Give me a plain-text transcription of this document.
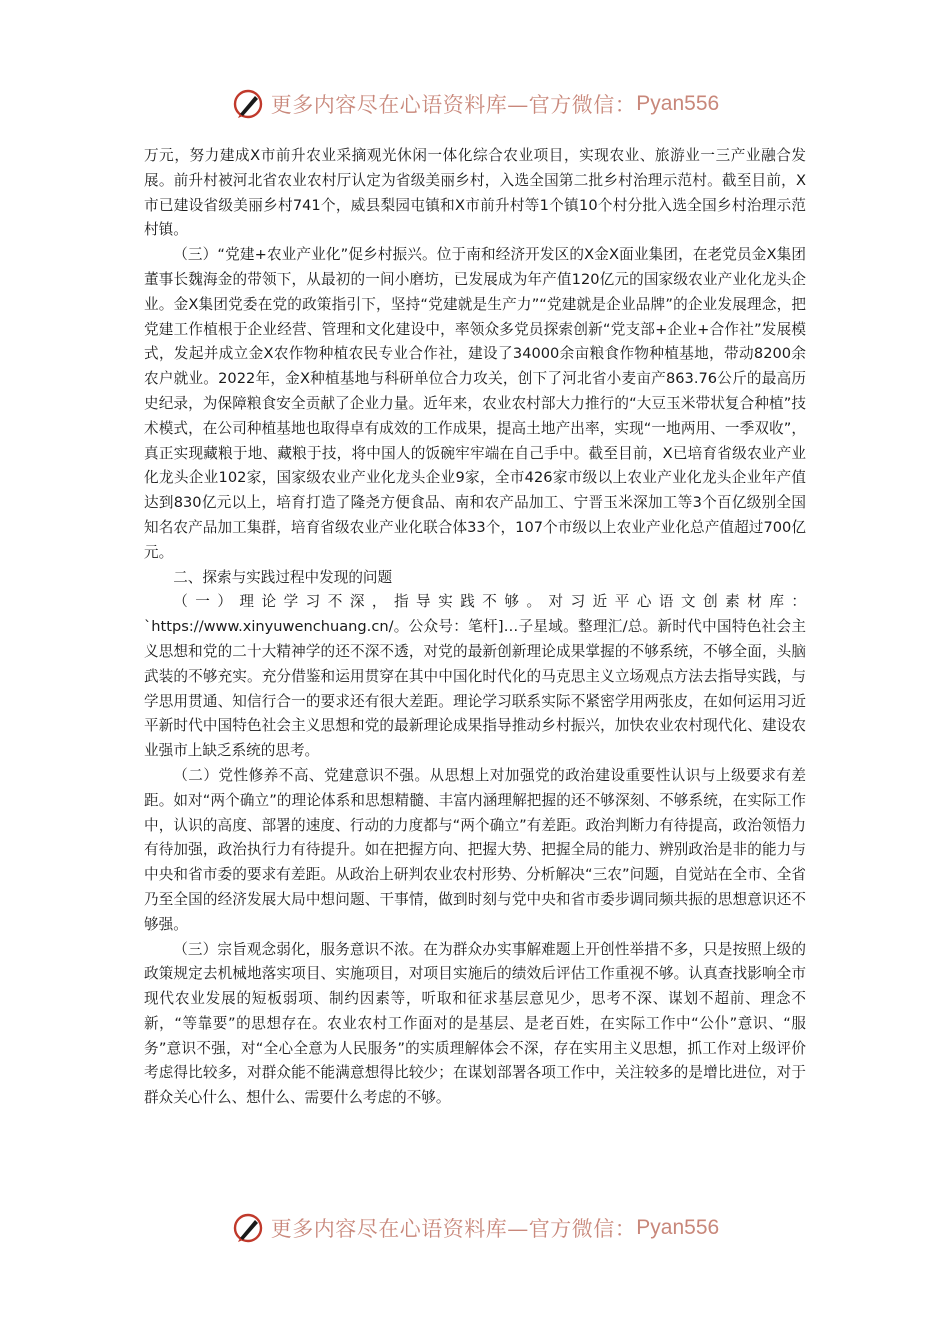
更多内容尽在心语资料库—官方微信： Pyan556

万元，努力建成X市前升农业采摘观光休闲一体化综合农业项目，实现农业、旅游业一三产业融合发展。前升村被河北省农业农村厅认定为省级美丽乡村，入选全国第二批乡村治理示范村。截至目前，X市已建设省级美丽乡村741个，威县梨园屯镇和X市前升村等1个镇10个村分批入选全国乡村治理示范村镇。

（三）“党建+农业产业化”促乡村振兴。位于南和经济开发区的X金X面业集团，在老党员金X集团董事长魏海金的带领下，从最初的一间小磨坊，已发展成为年产值120亿元的国家级农业产业化龙头企业。金X集团党委在党的政策指引下，坚持“党建就是生产力”“党建就是企业品牌”的企业发展理念，把党建工作植根于企业经营、管理和文化建设中，率领众多党员探索创新“党支部+企业+合作社”发展模式，发起并成立金X农作物种植农民专业合作社，建设了34000余亩粮食作物种植基地，带动8200余农户就业。2022年，金X种植基地与科研单位合力攻关，创下了河北省小麦亩产863.76公斤的最高历史纪录，为保障粮食安全贡献了企业力量。近年来，农业农村部大力推行的“大豆玉米带状复合种植”技术模式，在公司种植基地也取得卓有成效的工作成果，提高土地产出率，实现“一地两用、一季双收”，真正实现藏粮于地、藏粮于技，将中国人的饭碗牢牢端在自己手中。截至目前，X已培育省级农业产业化龙头企业102家，国家级农业产业化龙头企业9家，全市426家市级以上农业产业化龙头企业年产值达到830亿元以上，培育打造了隆尧方便食品、南和农产品加工、宁晋玉米深加工等3个百亿级别全国知名农产品加工集群，培育省级农业产业化联合体33个，107个市级以上农业产业化总产值超过700亿元。

二、探索与实践过程中发现的问题

（一）理论学习不深，指导实践不够。对习近平心语文创素材库：`https://www.xinyuwenchuang.cn/。公众号：笔杆]…子星域。整理汇/总。新时代中国特色社会主义思想和党的二十大精神学的还不深不透，对党的最新创新理论成果掌握的不够系统，不够全面，头脑武装的不够充实。充分借鉴和运用贯穿在其中中国化时代化的马克思主义立场观点方法去指导实践，与学思用贯通、知信行合一的要求还有很大差距。理论学习联系实际不紧密学用两张皮，在如何运用习近平新时代中国特色社会主义思想和党的最新理论成果指导推动乡村振兴，加快农业农村现代化、建设农业强市上缺乏系统的思考。

（二）党性修养不高、党建意识不强。从思想上对加强党的政治建设重要性认识与上级要求有差距。如对“两个确立”的理论体系和思想精髓、丰富内涵理解把握的还不够深刻、不够系统，在实际工作中，认识的高度、部署的速度、行动的力度都与“两个确立”有差距。政治判断力有待提高，政治领悟力有待加强，政治执行力有待提升。如在把握方向、把握大势、把握全局的能力、辨别政治是非的能力与中央和省市委的要求有差距。从政治上研判农业农村形势、分析解决“三农”问题，自觉站在全市、全省乃至全国的经济发展大局中想问题、干事情，做到时刻与党中央和省市委步调同频共振的思想意识还不够强。

（三）宗旨观念弱化，服务意识不浓。在为群众办实事解难题上开创性举措不多，只是按照上级的政策规定去机械地落实项目、实施项目，对项目实施后的绩效后评估工作重视不够。认真查找影响全市现代农业发展的短板弱项、制约因素等，听取和征求基层意见少，思考不深、谋划不超前、理念不新，“等靠要”的思想存在。农业农村工作面对的是基层、是老百姓，在实际工作中“公仆”意识、“服务”意识不强，对“全心全意为人民服务”的实质理解体会不深，存在实用主义思想，抓工作对上级评价考虑得比较多，对群众能不能满意想得比较少；在谋划部署各项工作中，关注较多的是增比进位，对于群众关心什么、想什么、需要什么考虑的不够。

更多内容尽在心语资料库—官方微信： Pyan556
